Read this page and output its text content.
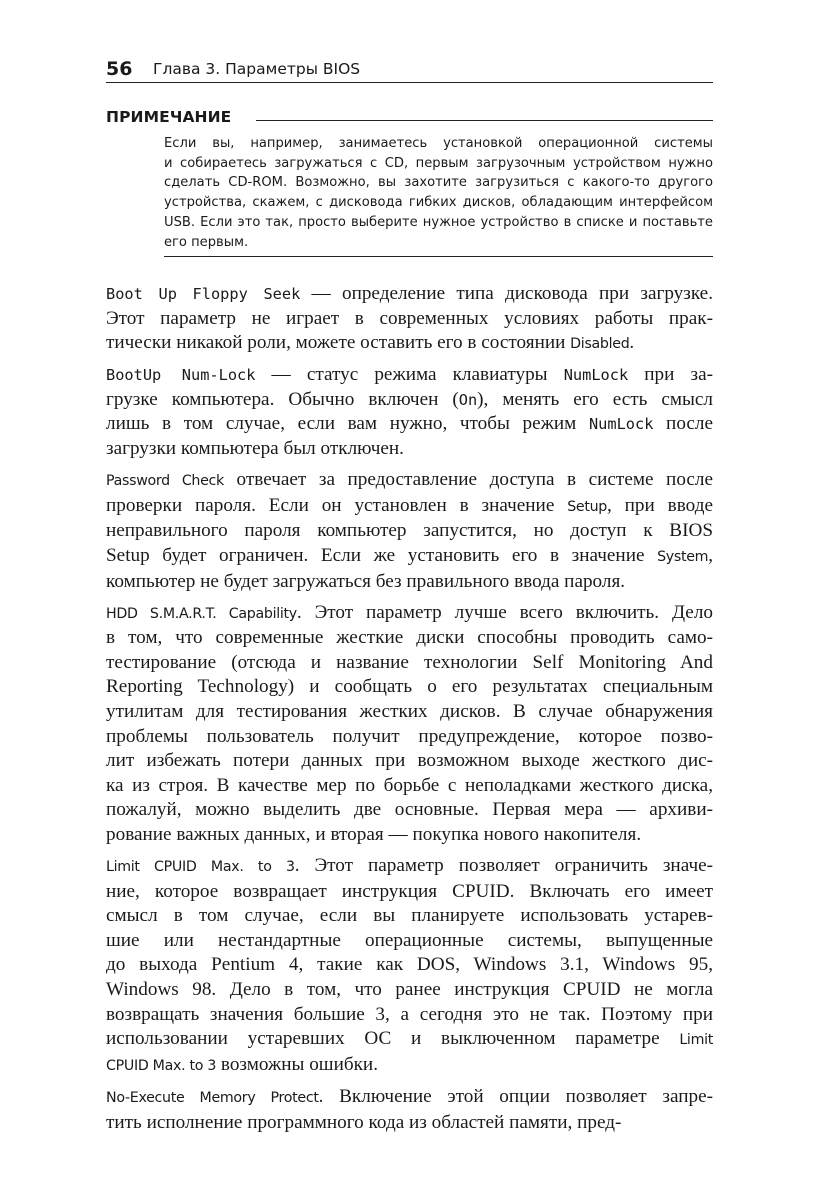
56 Глава 3. Параметры BIOS
ПРИМЕЧАНИЕ
Если вы, например, занимаетесь установкой операционной системы
и собираетесь загружаться с CD, первым загрузочным устройством нужно
сделать CD-ROM. Возможно, вы захотите загрузиться с какого-то другого
устройства, скажем, с дисковода гибких дисков, обладающим интерфейсом
USB. Если это так, просто выберите нужное устройство в списке и поставьте
его первым.
Boot Up Floppy Seek — определение типа дисковода при загрузке.
Этот параметр не играет в современных условиях работы прак-
тически никакой роли, можете оставить его в состоянии Disabled.
BootUp Num-Lock — статус режима клавиатуры NumLock при за-
грузке компьютера. Обычно включен (On), менять его есть смысл
лишь в том случае, если вам нужно, чтобы режим NumLock после
загрузки компьютера был отключен.
Password Check отвечает за предоставление доступа в системе после
проверки пароля. Если он установлен в значение Setup, при вводе
неправильного пароля компьютер запустится, но доступ к BIOS
Setup будет ограничен. Если же установить его в значение System,
компьютер не будет загружаться без правильного ввода пароля.
HDD S.M.A.R.T. Capability. Этот параметр лучше всего включить. Дело
в том, что современные жесткие диски способны проводить само-
тестирование (отсюда и название технологии Self Monitoring And
Reporting Technology) и сообщать о его результатах специальным
утилитам для тестирования жестких дисков. В случае обнаружения
проблемы пользователь получит предупреждение, которое позво-
лит избежать потери данных при возможном выходе жесткого дис-
ка из строя. В качестве мер по борьбе с неполадками жесткого диска,
пожалуй, можно выделить две основные. Первая мера — архиви-
рование важных данных, и вторая — покупка нового накопителя.
Limit CPUID Max. to 3. Этот параметр позволяет ограничить значе-
ние, которое возвращает инструкция CPUID. Включать его имеет
смысл в том случае, если вы планируете использовать устарев-
шие или нестандартные операционные системы, выпущенные
до выхода Pentium 4, такие как DOS, Windows 3.1, Windows 95,
Windows 98. Дело в том, что ранее инструкция CPUID не могла
возвращать значения большие 3, а сегодня это не так. Поэтому при
использовании устаревших ОС и выключенном параметре Limit
CPUID Max. to 3 возможны ошибки.
No-Execute Memory Protect. Включение этой опции позволяет запре-
тить исполнение программного кода из областей памяти, пред-
